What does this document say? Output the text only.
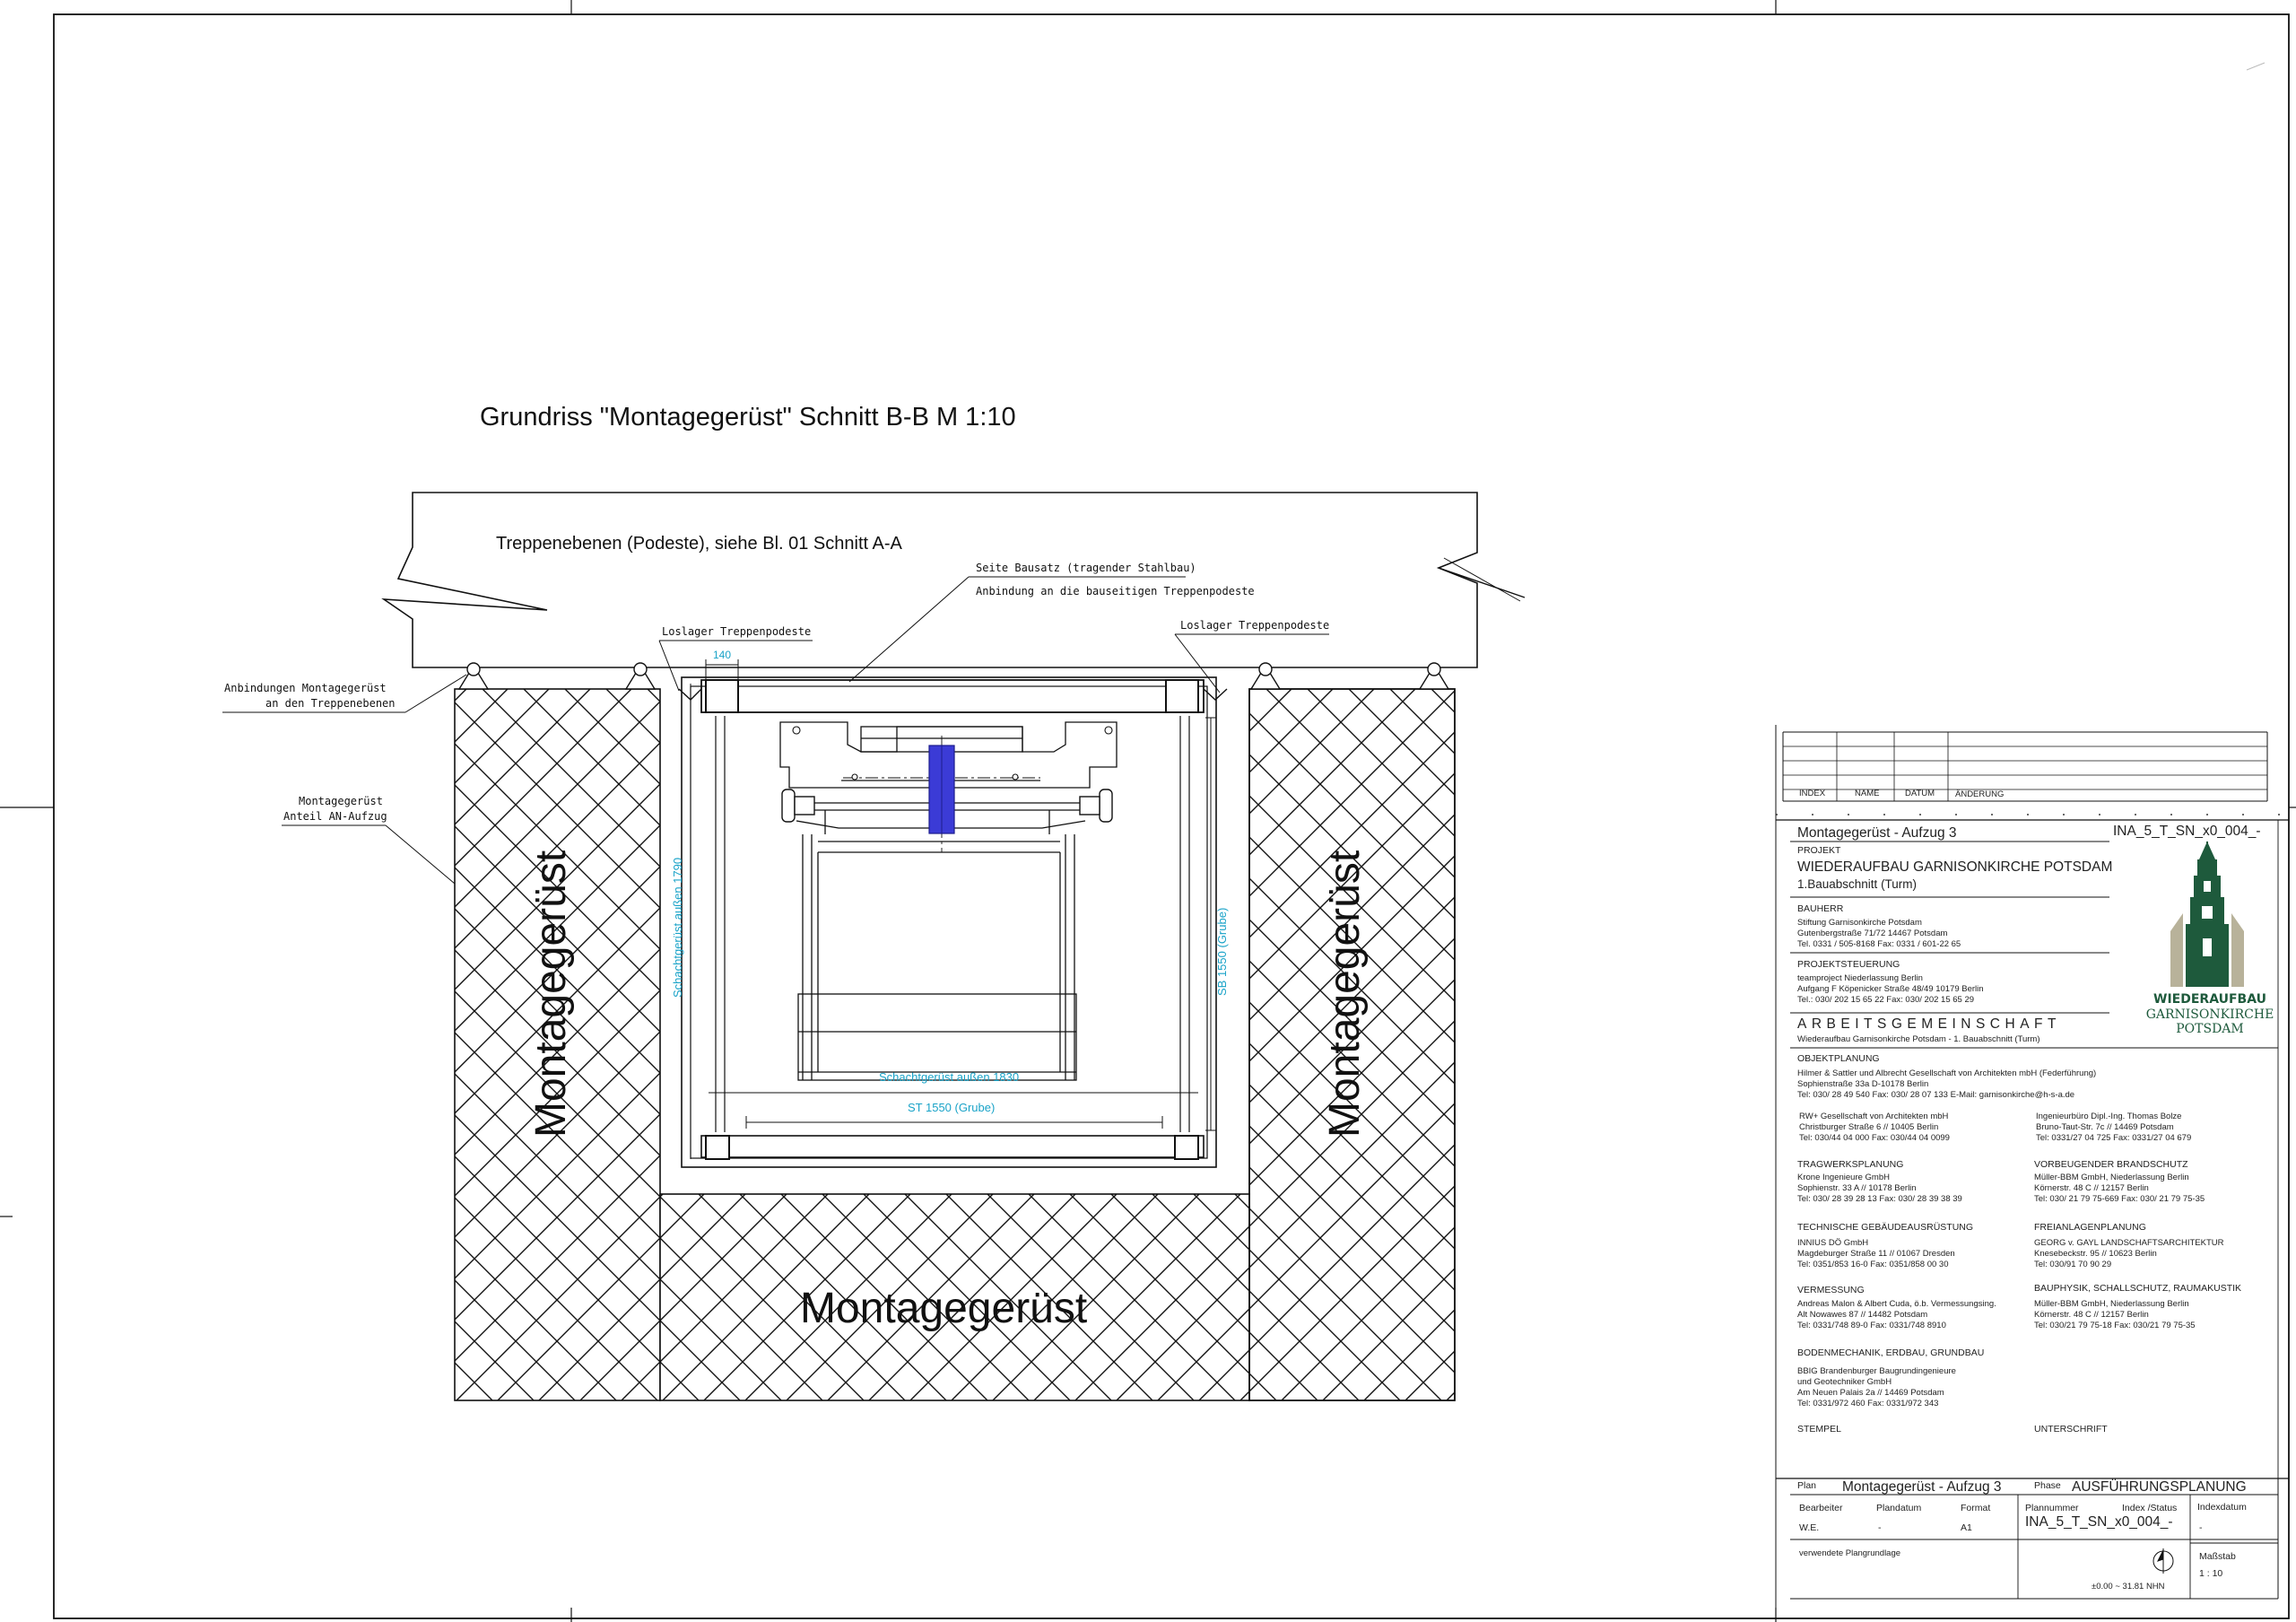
Grundriss "Montagegerüst" Schnitt B-B M 1:10
Treppenebenen (Podeste), siehe Bl. 01 Schnitt A-A
Montagegerüst	Montagegerüst
Montagegerüst
140
Schachtgerüst außen 1790	SB 1550 (Grube)
Schachtgerüst außen 1830
ST 1550 (Grube)
Seite Bausatz (tragender Stahlbau)
Anbindung an die bauseitigen Treppenpodeste
Loslager Treppenpodeste	Loslager Treppenpodeste
Anbindungen Montagegerüst
an den Treppenebenen
Montagegerüst
Anteil AN-Aufzug
WIEDERAUFBAU
GARNISONKIRCHE
POTSDAM
INDEX	NAME	DATUM ÄNDERUNG
Montagegerüst - Aufzug 3	INA_5_T_SN_x0_004_-
PROJEKT
WIEDERAUFBAU GARNISONKIRCHE POTSDAM
1.Bauabschnitt (Turm)
BAUHERR
Stiftung Garnisonkirche Potsdam
Gutenbergstraße 71/72 14467 Potsdam
Tel. 0331 / 505-8168 Fax: 0331 / 601-22 65
PROJEKTSTEUERUNG
teamproject Niederlassung Berlin
Aufgang F Köpenicker Straße 48/49 10179 Berlin
Tel.: 030/ 202 15 65 22 Fax: 030/ 202 15 65 29
ARBEITSGEMEINSCHAFT
Wiederaufbau Garnisonkirche Potsdam - 1. Bauabschnitt (Turm)
OBJEKTPLANUNG
Hilmer & Sattler und Albrecht Gesellschaft von Architekten mbH (Federführung)
Sophienstraße 33a D-10178 Berlin
Tel: 030/ 28 49 540 Fax: 030/ 28 07 133 E-Mail: garnisonkirche@h-s-a.de
RW+ Gesellschaft von Architekten mbH
Christburger Straße 6 // 10405 Berlin
Tel: 030/44 04 000 Fax: 030/44 04 0099
Ingenieurbüro Dipl.-Ing. Thomas Bolze
Bruno-Taut-Str. 7c // 14469 Potsdam
Tel: 0331/27 04 725 Fax: 0331/27 04 679
TRAGWERKSPLANUNG
Krone Ingenieure GmbH
Sophienstr. 33 A // 10178 Berlin
Tel: 030/ 28 39 28 13 Fax: 030/ 28 39 38 39
VORBEUGENDER BRANDSCHUTZ
Müller-BBM GmbH, Niederlassung Berlin
Körnerstr. 48 C // 12157 Berlin
Tel: 030/ 21 79 75-669 Fax: 030/ 21 79 75-35
TECHNISCHE GEBÄUDEAUSRÜSTUNG
INNIUS DÖ GmbH
Magdeburger Straße 11 // 01067 Dresden
Tel: 0351/853 16-0 Fax: 0351/858 00 30
FREIANLAGENPLANUNG
GEORG v. GAYL LANDSCHAFTSARCHITEKTUR
Knesebeckstr. 95 // 10623 Berlin
Tel: 030/91 70 90 29
VERMESSUNG
Andreas Malon & Albert Cuda, ö.b. Vermessungsing.
Alt Nowawes 87 // 14482 Potsdam
Tel: 0331/748 89-0 Fax: 0331/748 8910
BAUPHYSIK, SCHALLSCHUTZ, RAUMAKUSTIK
Müller-BBM GmbH, Niederlassung Berlin
Körnerstr. 48 C // 12157 Berlin
Tel: 030/21 79 75-18 Fax: 030/21 79 75-35
BODENMECHANIK, ERDBAU, GRUNDBAU
BBIG Brandenburger Baugrundingenieure
und Geotechniker GmbH
Am Neuen Palais 2a // 14469 Potsdam
Tel: 0331/972 460 Fax: 0331/972 343
STEMPEL	UNTERSCHRIFT
Plan Montagegerüst - Aufzug 3	Phase AUSFÜHRUNGSPLANUNG
Bearbeiter
W.E.
Plandatum
-
Format
A1
Plannummer	Index /Status
INA_5_T_SN_x0_004_-
Indexdatum
-
Maßstab
1 : 10
verwendete Plangrundlage
±0.00 ~ 31.81 NHN
